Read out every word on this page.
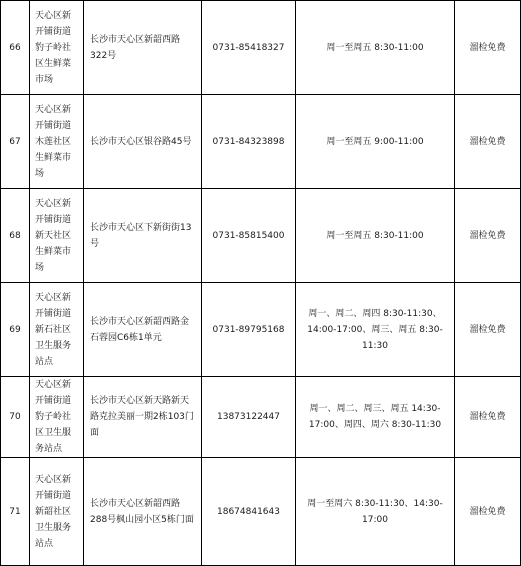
66	天心区新开铺街道豹子岭社区生鲜菜市场	长沙市天心区新韶西路322号	0731-85418327	周一至周五 8:30-11:00	溜检免费
67	天心区新开铺街道木莲社区生鲜菜市场	长沙市天心区银谷路45号	0731-84323898	周一至周五 9:00-11:00	溜检免费
68	天心区新开铺街道新天社区生鲜菜市场	长沙市天心区下新街街13号	0731-85815400	周一至周五 8:30-11:00	溜检免费
69	天心区新开铺街道新石社区卫生服务站点	长沙市天心区新韶西路金石蓉园C6栋1单元	0731-89795168	周一、周二、周四 8:30-11:30、14:00-17:00、周三、周五 8:30-11:30	溜检免费
70	天心区新开铺街道豹子岭社区卫生服务站点	长沙市天心区新天路新天路克拉美丽一期2栋103门面	13873122447	周一、周二、周三、周五 14:30-17:00、周四、周六 8:30-11:30	溜检免费
71	天心区新开铺街道新韶社区卫生服务站点	长沙市天心区新韶西路288号枫山园小区5栋门面	18674841643	周一至周六 8:30-11:30、14:30-17:00	溜检免费
